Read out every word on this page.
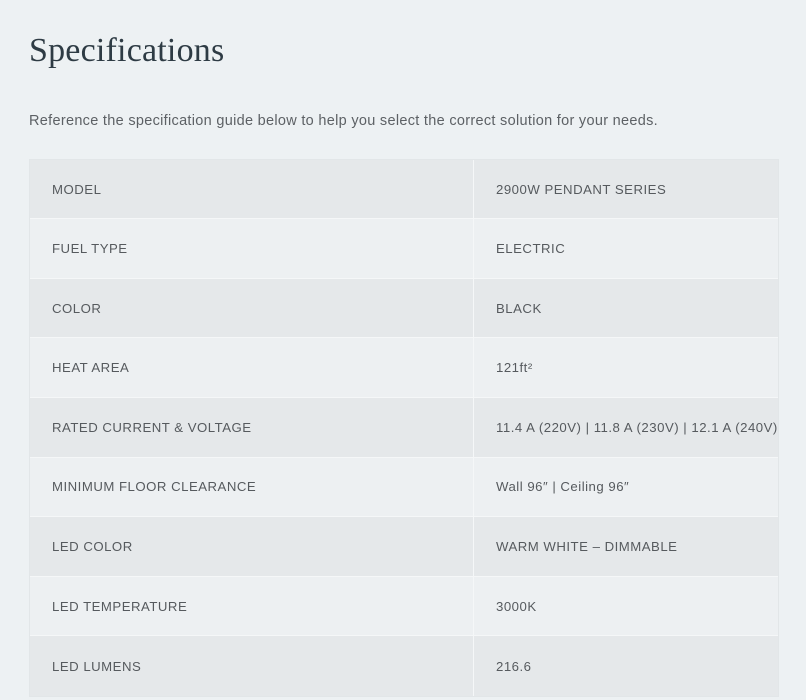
Specifications

Reference the specification guide below to help you select the correct solution for your needs.

MODEL	2900W PENDANT SERIES
FUEL TYPE	ELECTRIC
COLOR	BLACK
HEAT AREA	121ft²
RATED CURRENT & VOLTAGE	11.4 A (220V) | 11.8 A (230V) | 12.1 A (240V)
MINIMUM FLOOR CLEARANCE	Wall 96″ | Ceiling 96″
LED COLOR	WARM WHITE – DIMMABLE
LED TEMPERATURE	3000K
LED LUMENS	216.6
